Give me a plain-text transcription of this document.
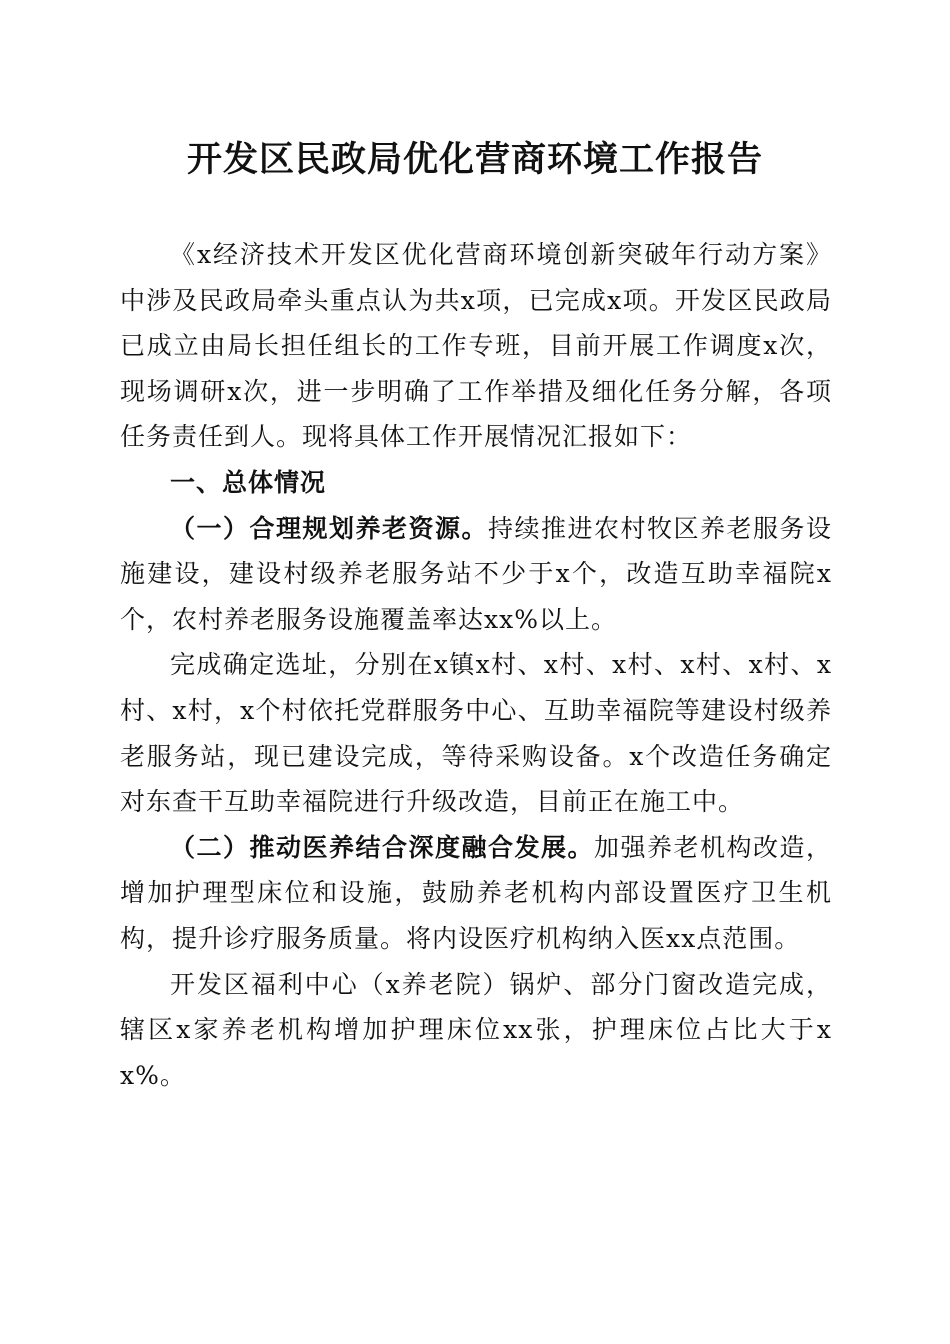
开发区民政局优化营商环境工作报告

《x经济技术开发区优化营商环境创新突破年行动方案》中涉及民政局牵头重点认为共x项，已完成x项。开发区民政局已成立由局长担任组长的工作专班，目前开展工作调度x次，现场调研x次，进一步明确了工作举措及细化任务分解，各项任务责任到人。现将具体工作开展情况汇报如下：

一、总体情况

（一）合理规划养老资源。持续推进农村牧区养老服务设施建设，建设村级养老服务站不少于x个，改造互助幸福院x个，农村养老服务设施覆盖率达xx%以上。

完成确定选址，分别在x镇x村、x村、x村、x村、x村、x村、x村，x个村依托党群服务中心、互助幸福院等建设村级养老服务站，现已建设完成，等待采购设备。x个改造任务确定对东查干互助幸福院进行升级改造，目前正在施工中。

（二）推动医养结合深度融合发展。加强养老机构改造，增加护理型床位和设施，鼓励养老机构内部设置医疗卫生机构，提升诊疗服务质量。将内设医疗机构纳入医xx点范围。

开发区福利中心（x养老院）锅炉、部分门窗改造完成，辖区x家养老机构增加护理床位xx张，护理床位占比大于xx%。
